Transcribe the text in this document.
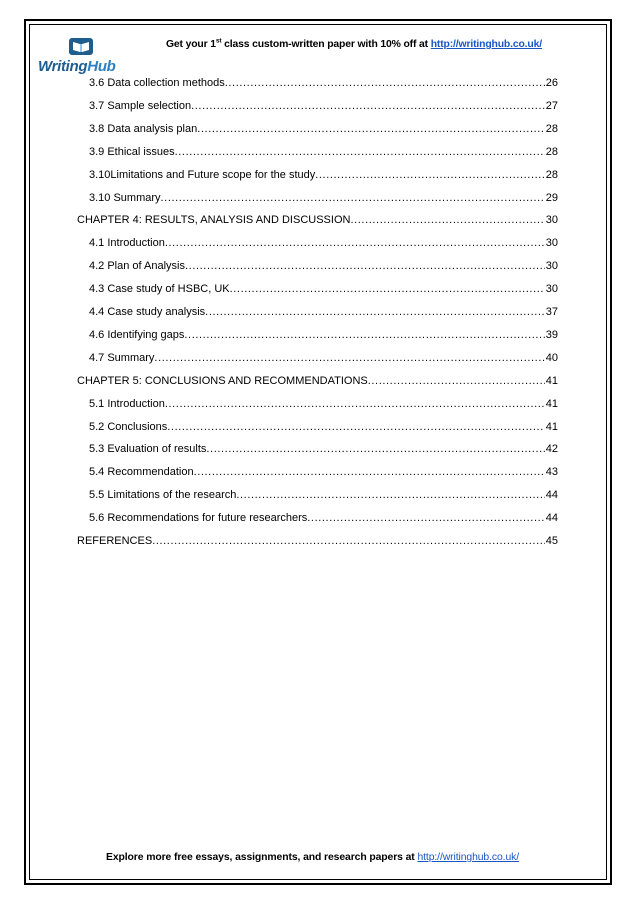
WritingHub
Get your 1st class custom-written paper with 10% off at http://writinghub.co.uk/
3.6 Data collection methods .....	26
3.7 Sample selection .....	27
3.8 Data analysis plan .....	28
3.9 Ethical issues .....	28
3.10Limitations and Future scope for the study .....	28
3.10 Summary .....	29
CHAPTER 4: RESULTS, ANALYSIS AND DISCUSSION .....	30
4.1 Introduction .....	30
4.2 Plan of Analysis .....	30
4.3 Case study of HSBC, UK .....	30
4.4 Case study analysis .....	37
4.6 Identifying gaps .....	39
4.7 Summary .....	40
CHAPTER 5: CONCLUSIONS AND RECOMMENDATIONS .....	41
5.1 Introduction .....	41
5.2 Conclusions .....	41
5.3 Evaluation of results .....	42
5.4 Recommendation .....	43
5.5 Limitations of the research .....	44
5.6 Recommendations for future researchers .....	44
REFERENCES .....	45
Explore more free essays, assignments, and research papers at http://writinghub.co.uk/
